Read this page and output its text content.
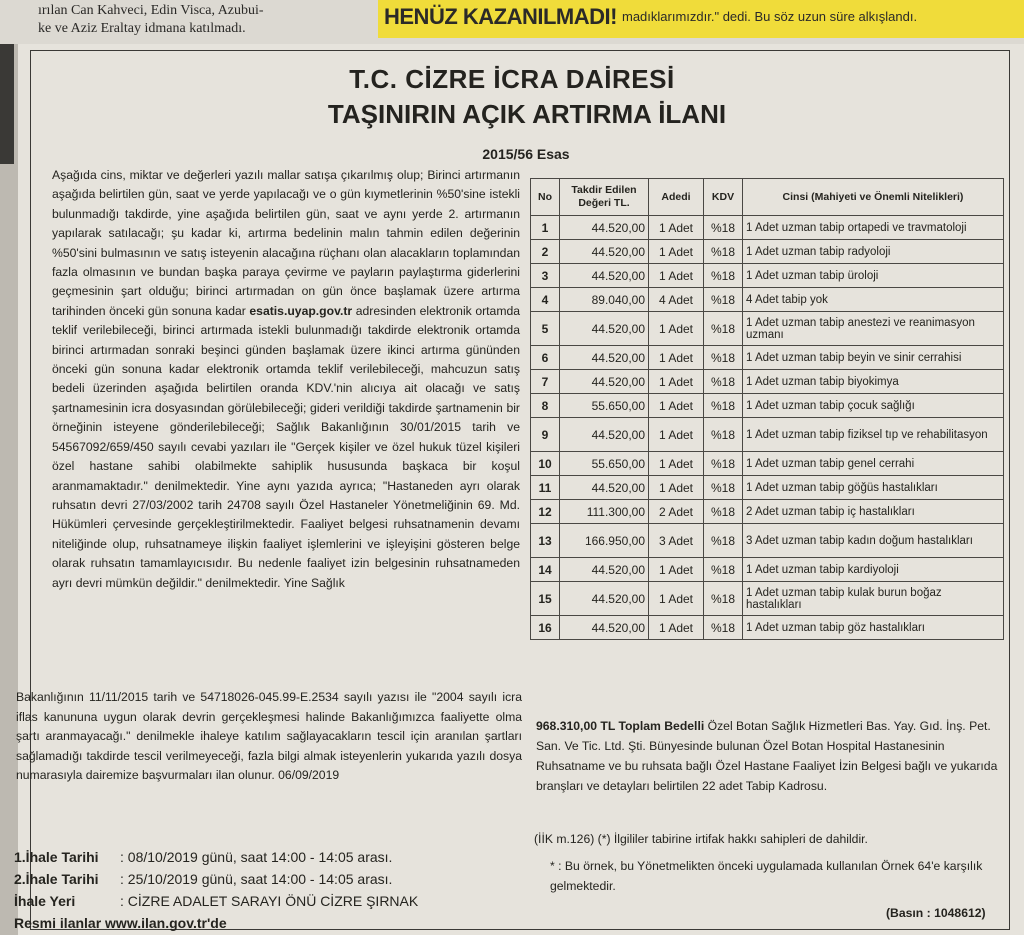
ırılan Can Kahveci, Edin Visca, Azubui-
ke ve Aziz Eraltay idmana katılmadı.	HENÜZ KAZANILMADI! madıklarımızdır." dedi. Bu söz uzun süre alkışlandı.
T.C. CİZRE İCRA DAİRESİ
TAŞINIRIN AÇIK ARTIRMA İLANI
2015/56 Esas
Aşağıda cins, miktar ve değerleri yazılı mallar satışa çıkarılmış olup; Birinci artırmanın aşağıda belirtilen gün, saat ve yerde yapılacağı ve o gün kıymetlerinin %50'sine istekli bulunmadığı takdirde, yine aşağıda belirtilen gün, saat ve aynı yerde 2. artırmanın yapılarak satılacağı; şu kadar ki, artırma bedelinin malın tahmin edilen değerinin %50'sini bulmasının ve satış isteyenin alacağına rüçhanı olan alacakların toplamından fazla olmasının ve bundan başka paraya çevirme ve payların paylaştırma giderlerini geçmesinin şart olduğu; birinci artırmadan on gün önce başlamak üzere artırma tarihinden önceki gün sonuna kadar esatis.uyap.gov.tr adresinden elektronik ortamda teklif verilebileceği, birinci artırmada istekli bulunmadığı takdirde elektronik ortamda birinci artırmadan sonraki beşinci günden başlamak üzere ikinci artırma gününden önceki gün sonuna kadar elektronik ortamda teklif verilebileceği, mahcuzun satış bedeli üzerinden aşağıda belirtilen oranda KDV.'nin alıcıya ait olacağı ve satış şartnamesinin icra dosyasından görülebileceği; gideri verildiği takdirde şartnamenin bir örneğinin isteyene gönderilebileceği; Sağlık Bakanlığının 30/01/2015 tarih ve 54567092/659/450 sayılı cevabi yazıları ile "Gerçek kişiler ve özel hukuk tüzel kişileri özel hastane sahibi olabilmekte sahiplik hususunda başkaca bir koşul aranmamaktadır." denilmektedir. Yine aynı yazıda ayrıca; "Hastaneden ayrı olarak ruhsatın devri 27/03/2002 tarih 24708 sayılı Özel Hastaneler Yönetmeliğinin 69. Md. Hükümleri çervesinde gerçekleştirilmektedir. Faaliyet belgesi ruhsatnamenin devamı niteliğinde olup, ruhsatnameye ilişkin faaliyet işlemlerini ve işleyişini gösteren belge olarak ruhsatın tamamlayıcısıdır. Bu nedenle faaliyet izin belgesinin ruhsatnameden ayrı devri mümkün değildir." denilmektedir. Yine Sağlık
Bakanlığının 11/11/2015 tarih ve 54718026-045.99-E.2534 sayılı yazısı ile "2004 sayılı icra iflas kanununa uygun olarak devrin gerçekleşmesi halinde Bakanlığımızca faaliyette olma şartı aranmayacağı." denilmekle ihaleye katılım sağlayacakların tescil için aranılan şartları sağlamadığı takdirde tescil verilmeyeceği, fazla bilgi almak isteyenlerin yukarıda yazılı dosya numarasıyla dairemize başvurmaları ilan olunur. 06/09/2019
1.İhale Tarihi : 08/10/2019 günü, saat 14:00 - 14:05 arası.
2.İhale Tarihi : 25/10/2019 günü, saat 14:00 - 14:05 arası.
İhale Yeri	: CİZRE ADALET SARAYI ÖNÜ CİZRE ŞIRNAK
Resmi ilanlar www.ilan.gov.tr'de
No	Takdir Edilen Değeri TL.	Adedi	KDV	Cinsi (Mahiyeti ve Önemli Nitelikleri)
1	44.520,00	1 Adet	%18	1 Adet uzman tabip ortapedi ve travmatoloji
2	44.520,00	1 Adet	%18	1 Adet uzman tabip radyoloji
3	44.520,00	1 Adet	%18	1 Adet uzman tabip üroloji
4	89.040,00	4 Adet	%18	4 Adet tabip yok
5	44.520,00	1 Adet	%18	1 Adet uzman tabip anestezi ve reanimasyon uzmanı
6	44.520,00	1 Adet	%18	1 Adet uzman tabip beyin ve sinir cerrahisi
7	44.520,00	1 Adet	%18	1 Adet uzman tabip biyokimya
8	55.650,00	1 Adet	%18	1 Adet uzman tabip çocuk sağlığı
9	44.520,00	1 Adet	%18	1 Adet uzman tabip fiziksel tıp ve rehabilitasyon
10	55.650,00	1 Adet	%18	1 Adet uzman tabip genel cerrahi
11	44.520,00	1 Adet	%18	1 Adet uzman tabip göğüs hastalıkları
12	111.300,00	2 Adet	%18	2 Adet uzman tabip iç hastalıkları
13	166.950,00	3 Adet	%18	3 Adet uzman tabip kadın doğum hastalıkları
14	44.520,00	1 Adet	%18	1 Adet uzman tabip kardiyoloji
15	44.520,00	1 Adet	%18	1 Adet uzman tabip kulak burun boğaz hastalıkları
16	44.520,00	1 Adet	%18	1 Adet uzman tabip göz hastalıkları
968.310,00 TL Toplam Bedelli Özel Botan Sağlık Hizmetleri Bas. Yay. Gıd. İnş. Pet. San. Ve Tic. Ltd. Şti. Bünyesinde bulunan Özel Botan Hospital Hastanesinin Ruhsatname ve bu ruhsata bağlı Özel Hastane Faaliyet İzin Belgesi bağlı ve yukarıda branşları ve detayları belirtilen 22 adet Tabip Kadrosu.
(İİK m.126) (*) İlgililer tabirine irtifak hakkı sahipleri de dahildir.
* : Bu örnek, bu Yönetmelikten önceki uygulamada kullanılan Örnek 64'e karşılık gelmektedir.
(Basın : 1048612)
